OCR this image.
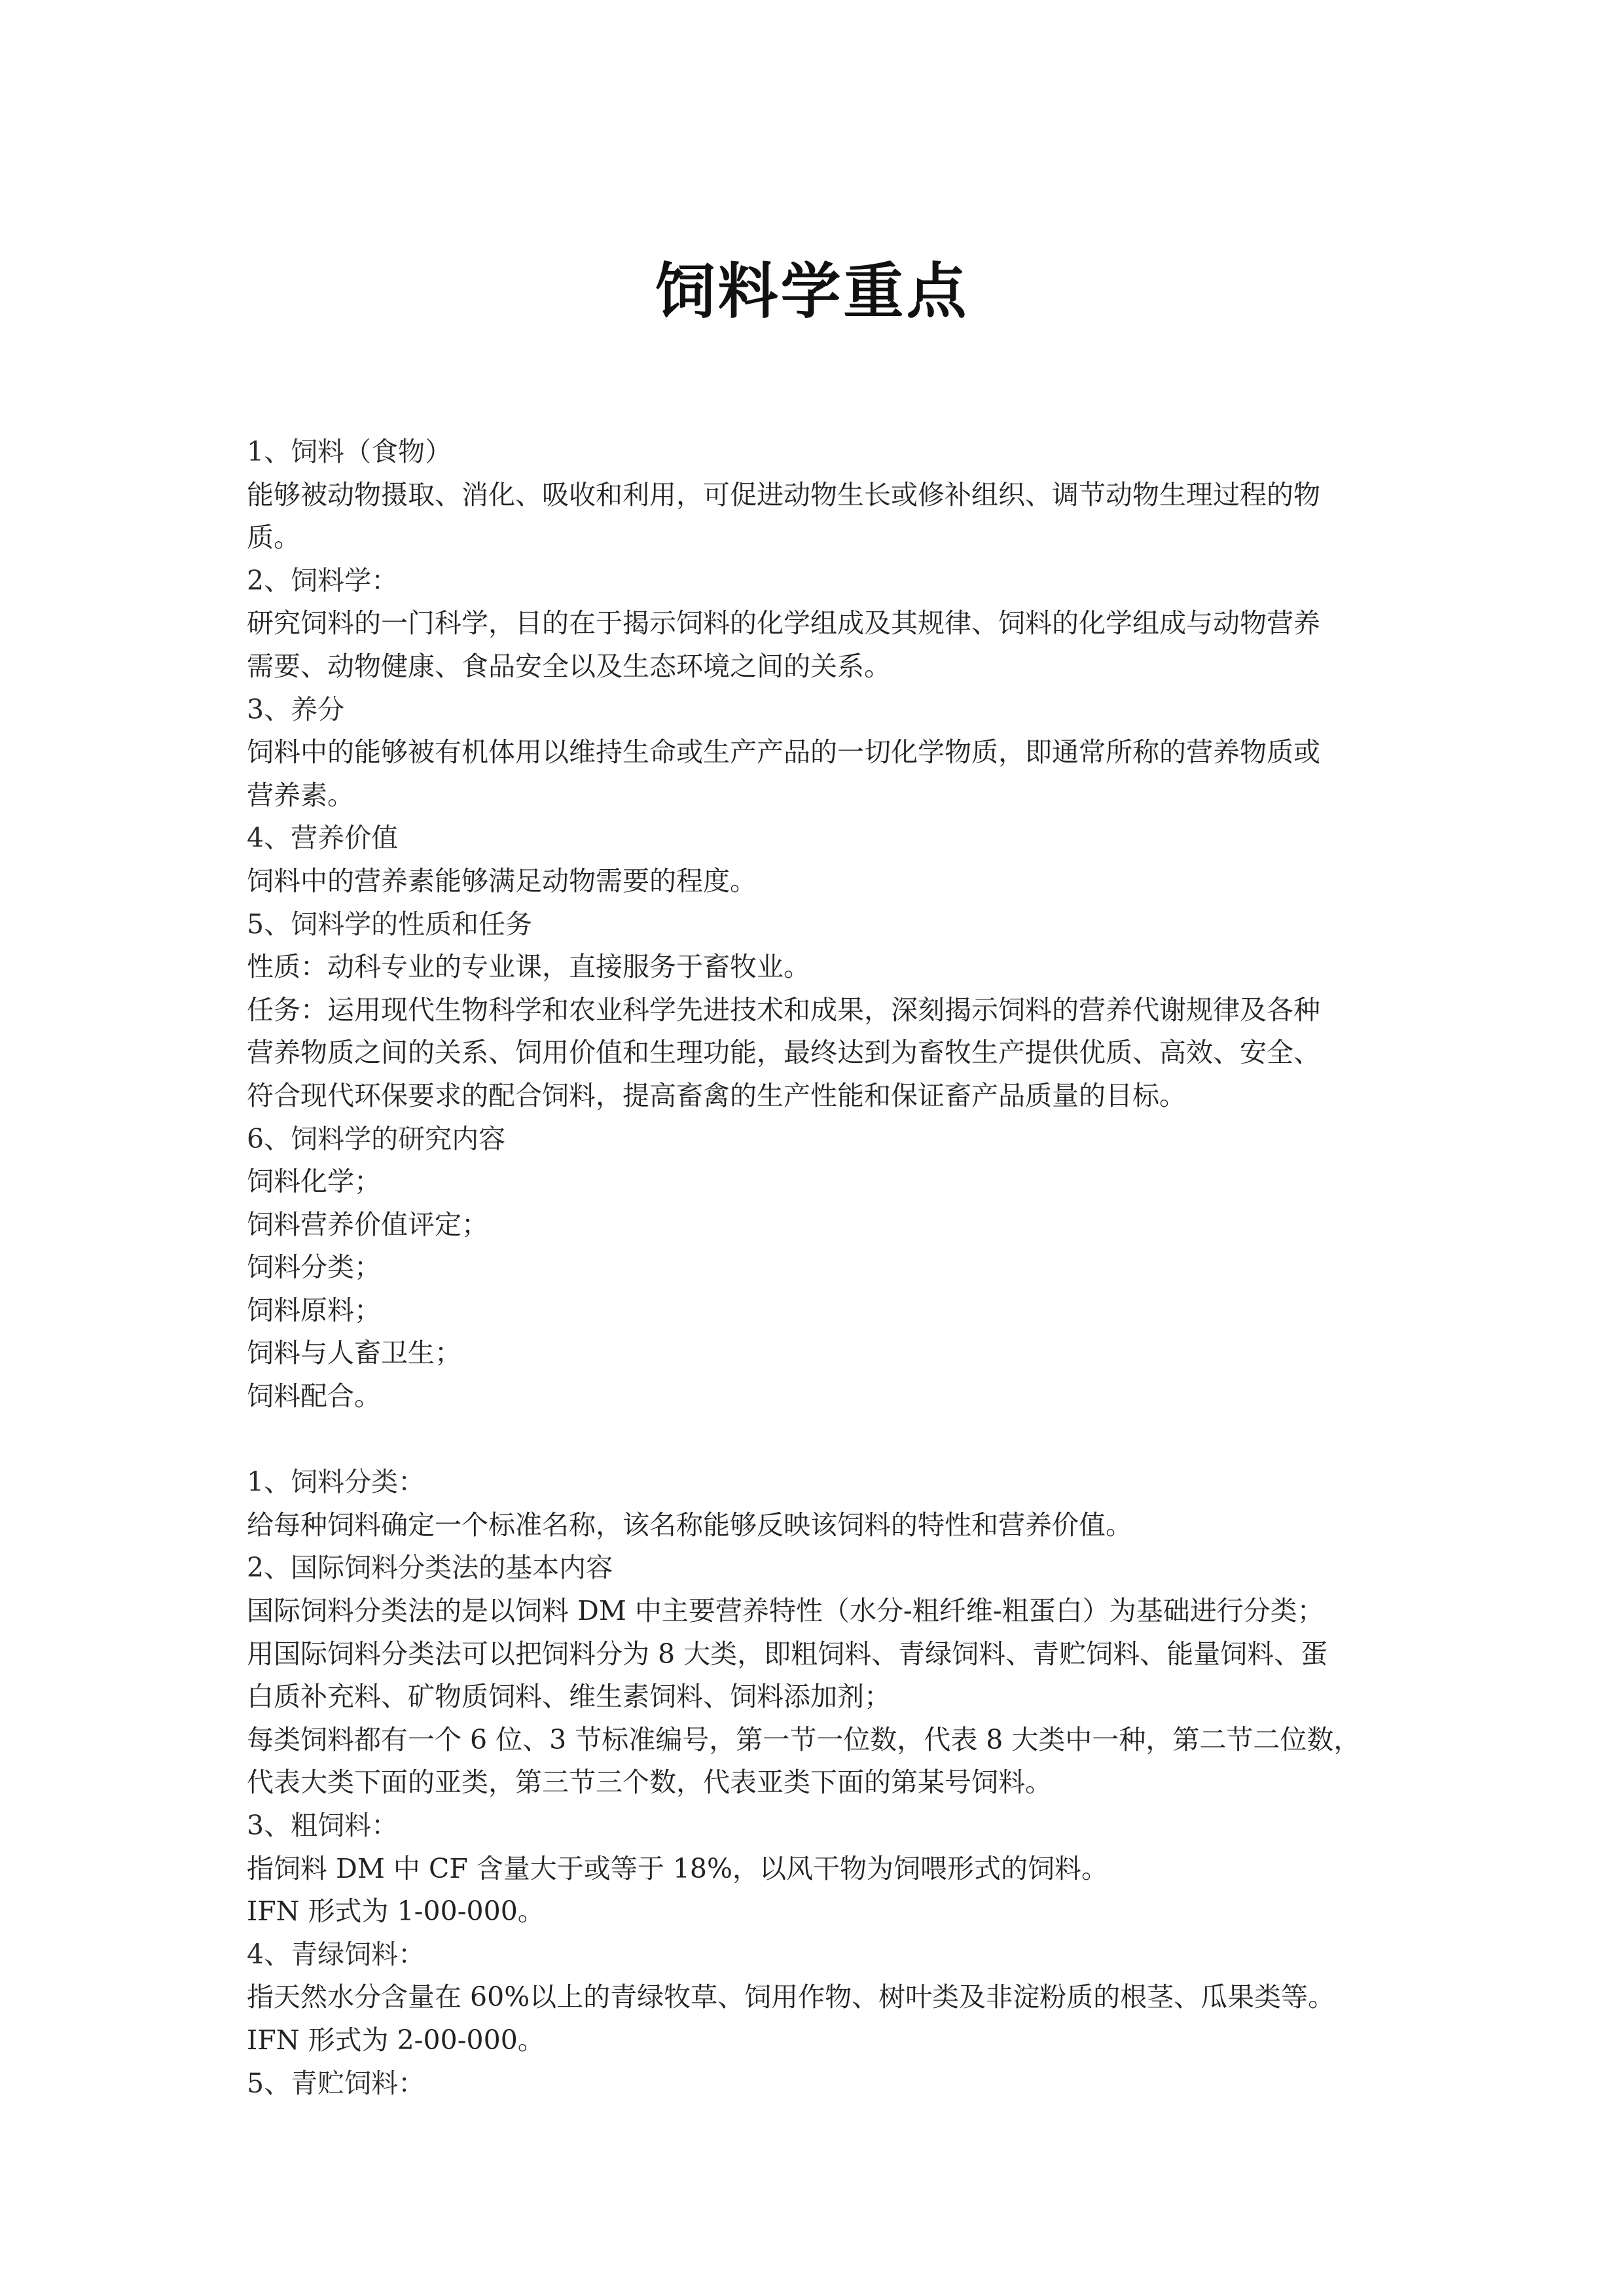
饲料学重点
1、饲料（食物）
能够被动物摄取、消化、吸收和利用，可促进动物生长或修补组织、调节动物生理过程的物
质。
2、饲料学：
研究饲料的一门科学，目的在于揭示饲料的化学组成及其规律、饲料的化学组成与动物营养
需要、动物健康、食品安全以及生态环境之间的关系。
3、养分
饲料中的能够被有机体用以维持生命或生产产品的一切化学物质，即通常所称的营养物质或
营养素。
4、营养价值
饲料中的营养素能够满足动物需要的程度。
5、饲料学的性质和任务
性质：动科专业的专业课，直接服务于畜牧业。
任务：运用现代生物科学和农业科学先进技术和成果，深刻揭示饲料的营养代谢规律及各种
营养物质之间的关系、饲用价值和生理功能，最终达到为畜牧生产提供优质、高效、安全、
符合现代环保要求的配合饲料，提高畜禽的生产性能和保证畜产品质量的目标。
6、饲料学的研究内容
饲料化学；
饲料营养价值评定；
饲料分类；
饲料原料；
饲料与人畜卫生；
饲料配合。
1、饲料分类：
给每种饲料确定一个标准名称，该名称能够反映该饲料的特性和营养价值。
2、国际饲料分类法的基本内容
国际饲料分类法的是以饲料 DM 中主要营养特性（水分-粗纤维-粗蛋白）为基础进行分类；
用国际饲料分类法可以把饲料分为 8 大类，即粗饲料、青绿饲料、青贮饲料、能量饲料、蛋
白质补充料、矿物质饲料、维生素饲料、饲料添加剂；
每类饲料都有一个 6 位、3 节标准编号，第一节一位数，代表 8 大类中一种，第二节二位数，
代表大类下面的亚类，第三节三个数，代表亚类下面的第某号饲料。
3、粗饲料：
指饲料 DM 中 CF 含量大于或等于 18%，以风干物为饲喂形式的饲料。
IFN 形式为 1-00-000。
4、青绿饲料：
指天然水分含量在 60%以上的青绿牧草、饲用作物、树叶类及非淀粉质的根茎、瓜果类等。
IFN 形式为 2-00-000。
5、青贮饲料：
